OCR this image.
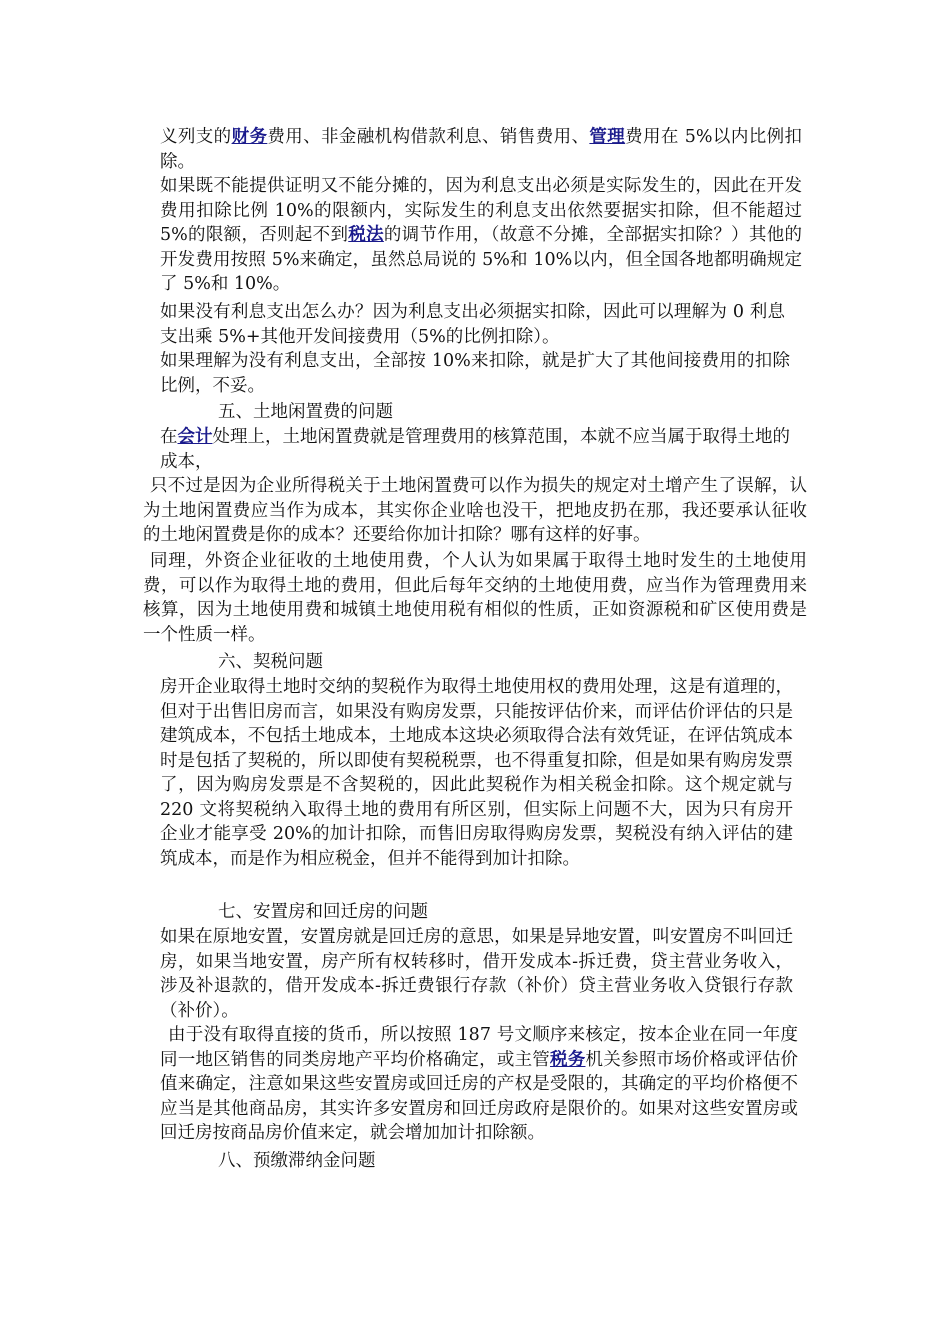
义列支的财务费用、非金融机构借款利息、销售费用、管理费用在 5%以内比例扣除。

如果既不能提供证明又不能分摊的，因为利息支出必须是实际发生的，因此在开发费用扣除比例 10%的限额内，实际发生的利息支出依然要据实扣除，但不能超过 5%的限额，否则起不到税法的调节作用，（故意不分摊，全部据实扣除？）其他的开发费用按照 5%来确定，虽然总局说的 5%和 10%以内，但全国各地都明确规定了 5%和 10%。

如果没有利息支出怎么办？因为利息支出必须据实扣除，因此可以理解为 0 利息支出乘 5%+其他开发间接费用（5%的比例扣除）。

如果理解为没有利息支出，全部按 10%来扣除，就是扩大了其他间接费用的扣除比例，不妥。

五、土地闲置费的问题

在会计处理上，土地闲置费就是管理费用的核算范围，本就不应当属于取得土地的成本，

只不过是因为企业所得税关于土地闲置费可以作为损失的规定对土增产生了误解，认为土地闲置费应当作为成本，其实你企业啥也没干，把地皮扔在那，我还要承认征收的土地闲置费是你的成本？还要给你加计扣除？哪有这样的好事。

同理，外资企业征收的土地使用费，个人认为如果属于取得土地时发生的土地使用费，可以作为取得土地的费用，但此后每年交纳的土地使用费，应当作为管理费用来核算，因为土地使用费和城镇土地使用税有相似的性质，正如资源税和矿区使用费是一个性质一样。

六、契税问题

房开企业取得土地时交纳的契税作为取得土地使用权的费用处理，这是有道理的，但对于出售旧房而言，如果没有购房发票，只能按评估价来，而评估价评估的只是建筑成本，不包括土地成本，土地成本这块必须取得合法有效凭证，在评估筑成本时是包括了契税的，所以即使有契税税票，也不得重复扣除，但是如果有购房发票了，因为购房发票是不含契税的，因此此契税作为相关税金扣除。这个规定就与 220 文将契税纳入取得土地的费用有所区别，但实际上问题不大，因为只有房开企业才能享受 20%的加计扣除，而售旧房取得购房发票，契税没有纳入评估的建筑成本，而是作为相应税金，但并不能得到加计扣除。

七、安置房和回迁房的问题

如果在原地安置，安置房就是回迁房的意思，如果是异地安置，叫安置房不叫回迁房，如果当地安置，房产所有权转移时，借开发成本-拆迁费，贷主营业务收入，涉及补退款的，借开发成本-拆迁费银行存款（补价）贷主营业务收入贷银行存款（补价）。

由于没有取得直接的货币，所以按照 187 号文顺序来核定，按本企业在同一年度同一地区销售的同类房地产平均价格确定，或主管税务机关参照市场价格或评估价值来确定，注意如果这些安置房或回迁房的产权是受限的，其确定的平均价格便不应当是其他商品房，其实许多安置房和回迁房政府是限价的。如果对这些安置房或回迁房按商品房价值来定，就会增加加计扣除额。

八、预缴滞纳金问题
